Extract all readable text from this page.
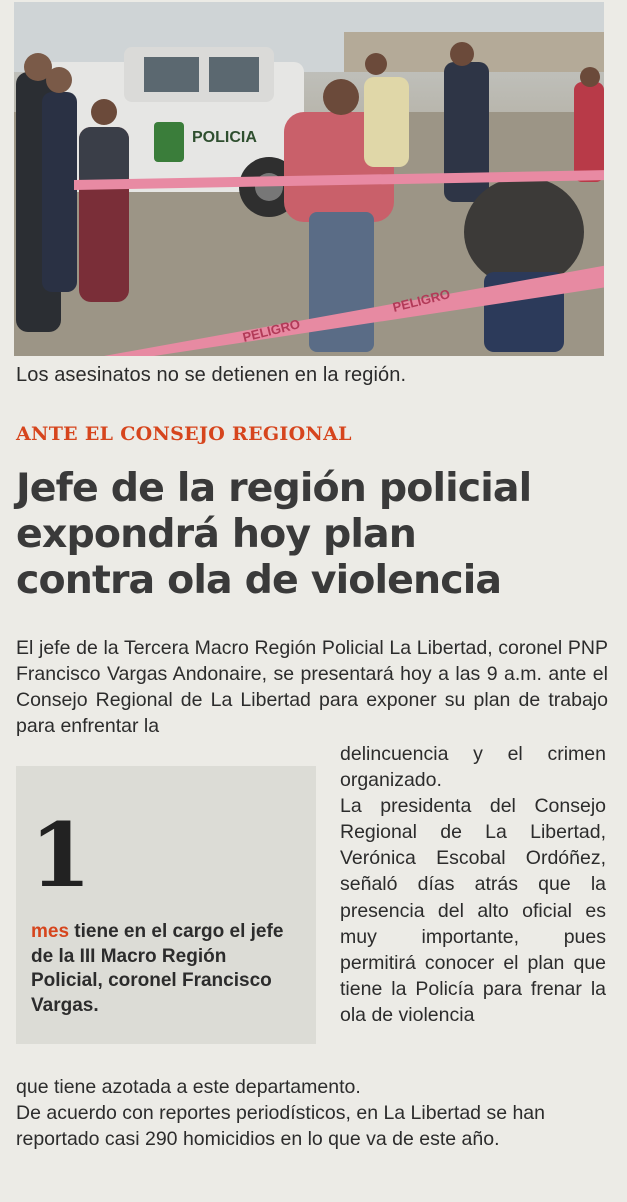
POLICIA
PELIGRO
PELIGRO
Los asesinatos no se detienen en la región.
ANTE EL CONSEJO REGIONAL
Jefe de la región policial
expondrá hoy plan
contra ola de violencia
El jefe de la Tercera Macro Región Policial La Libertad, coronel PNP Francisco Vargas Andonaire, se presentará hoy a las 9 a.m. ante el Consejo Regional de La Libertad para exponer su plan de trabajo para enfrentar la
1
mes tiene en el cargo el jefe de la III Macro Región Policial, coronel Francisco Vargas.
delincuencia y el crimen organizado.
La presidenta del Consejo Regional de La Libertad, Verónica Escobal Ordóñez, señaló días atrás que la presencia del alto oficial es muy importante, pues permitirá conocer el plan que tiene la Policía para frenar la ola de violencia
que tiene azotada a este departamento.
De acuerdo con reportes periodísticos, en La Libertad se han reportado casi 290 homicidios en lo que va de este año.
